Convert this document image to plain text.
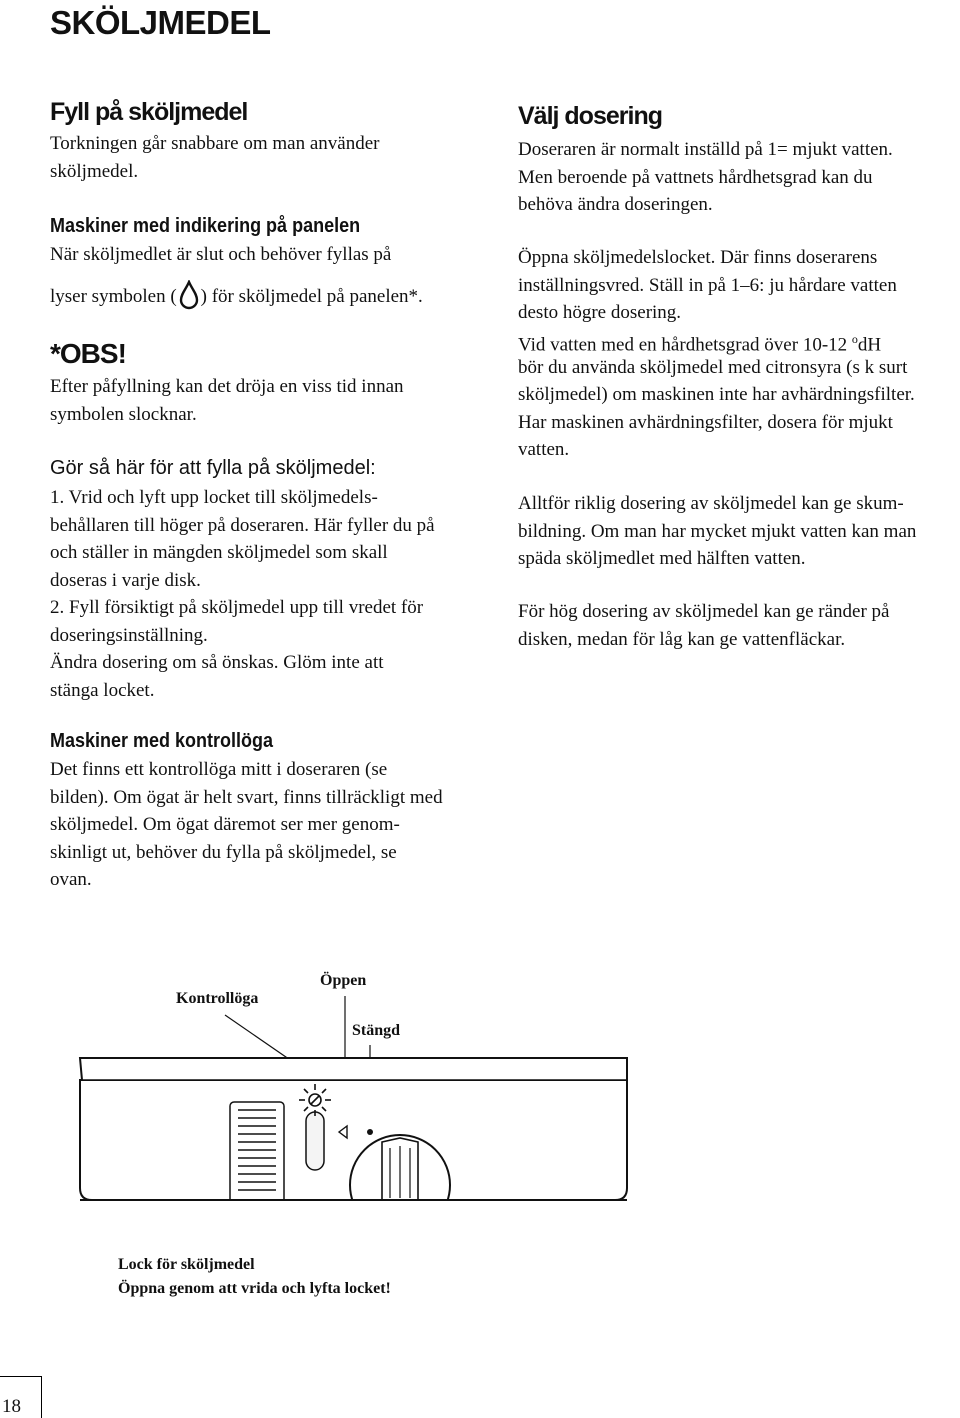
SKÖLJMEDEL
Fyll på sköljmedel
Torkningen går snabbare om man använder
sköljmedel.
Maskiner med indikering på panelen
När sköljmedlet är slut och behöver fyllas på
lyser symbolen ( ) för sköljmedel på panelen*.
*OBS!
Efter påfyllning kan det dröja en viss tid innan
symbolen slocknar.
Gör så här för att fylla på sköljmedel:
1. Vrid och lyft upp locket till sköljmedels-
behållaren till höger på doseraren. Här fyller du på
och ställer in mängden sköljmedel som skall
doseras i varje disk.
2. Fyll försiktigt på sköljmedel upp till vredet för
doseringsinställning.
Ändra dosering om så önskas. Glöm inte att
stänga locket.
Maskiner med kontrollöga
Det finns ett kontrollöga mitt i doseraren (se
bilden). Om ögat är helt svart, finns tillräckligt med
sköljmedel. Om ögat däremot ser mer genom-
skinligt ut, behöver du fylla på sköljmedel, se
ovan.
Välj dosering
Doseraren är normalt inställd på 1= mjukt vatten.
Men beroende på vattnets hårdhetsgrad kan du
behöva ändra doseringen.
Öppna sköljmedelslocket. Där finns doserarens
inställningsvred. Ställ in på 1–6: ju hårdare vatten
desto högre dosering.
Vid vatten med en hårdhetsgrad över 10-12 $^o$dH
bör du använda sköljmedel med citronsyra (s k surt
sköljmedel) om maskinen inte har avhärdningsfilter.
Har maskinen avhärdningsfilter, dosera för mjukt
vatten.
Alltför riklig dosering av sköljmedel kan ge skum-
bildning. Om man har mycket mjukt vatten kan man
späda sköljmedlet med hälften vatten.
För hög dosering av sköljmedel kan ge ränder på
disken, medan för låg kan ge vattenfläckar.
Kontrollöga
Öppen
Stängd
Lock för sköljmedel
Öppna genom att vrida och lyfta locket!
18
